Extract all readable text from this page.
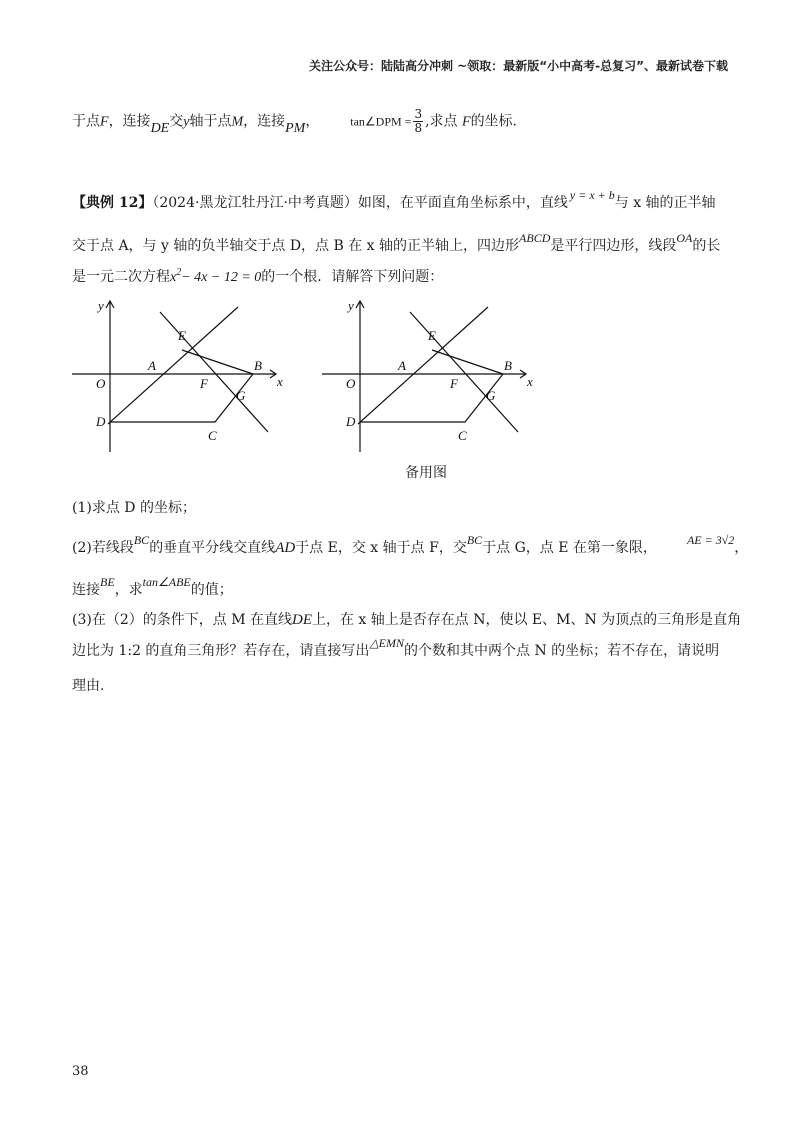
关注公众号：陆陆高分冲刺 ~领取：最新版“小中高考-总复习”、最新试卷下载
于点F，连接DE交y轴于点M，连接PM，	tan∠DPM = $\frac{3}{8}$ ,求点 F的坐标.
【典例 12】（2024·黑龙江牡丹江·中考真题）如图，在平面直角坐标系中，直线 y = x + b与 x 轴的正半轴
交于点 A，与 y 轴的负半轴交于点 D，点 B 在 x 轴的正半轴上，四边形ABCD是平行四边形，线段OA的长
是一元二次方程$x^2- 4x - 12 = 0$的一个根．请解答下列问题：
y
E
A	B
x
O	F
G
D
C
y
E
A	B
x
O	F
G
D
C
备用图
(1)求点 D 的坐标；
(2)若线段BC的垂直平分线交直线AD于点 E，交 x 轴于点 F，交BC于点 G，点 E 在第一象限，	AE = 3√2，
连接BE，求tan∠ABE的值；
(3)在（2）的条件下，点 M 在直线DE上，在 x 轴上是否存在点 N，使以 E、M、N 为顶点的三角形是直角
边比为 1:2 的直角三角形？若存在，请直接写出△EMN的个数和其中两个点 N 的坐标；若不存在，请说明
理由.
38
